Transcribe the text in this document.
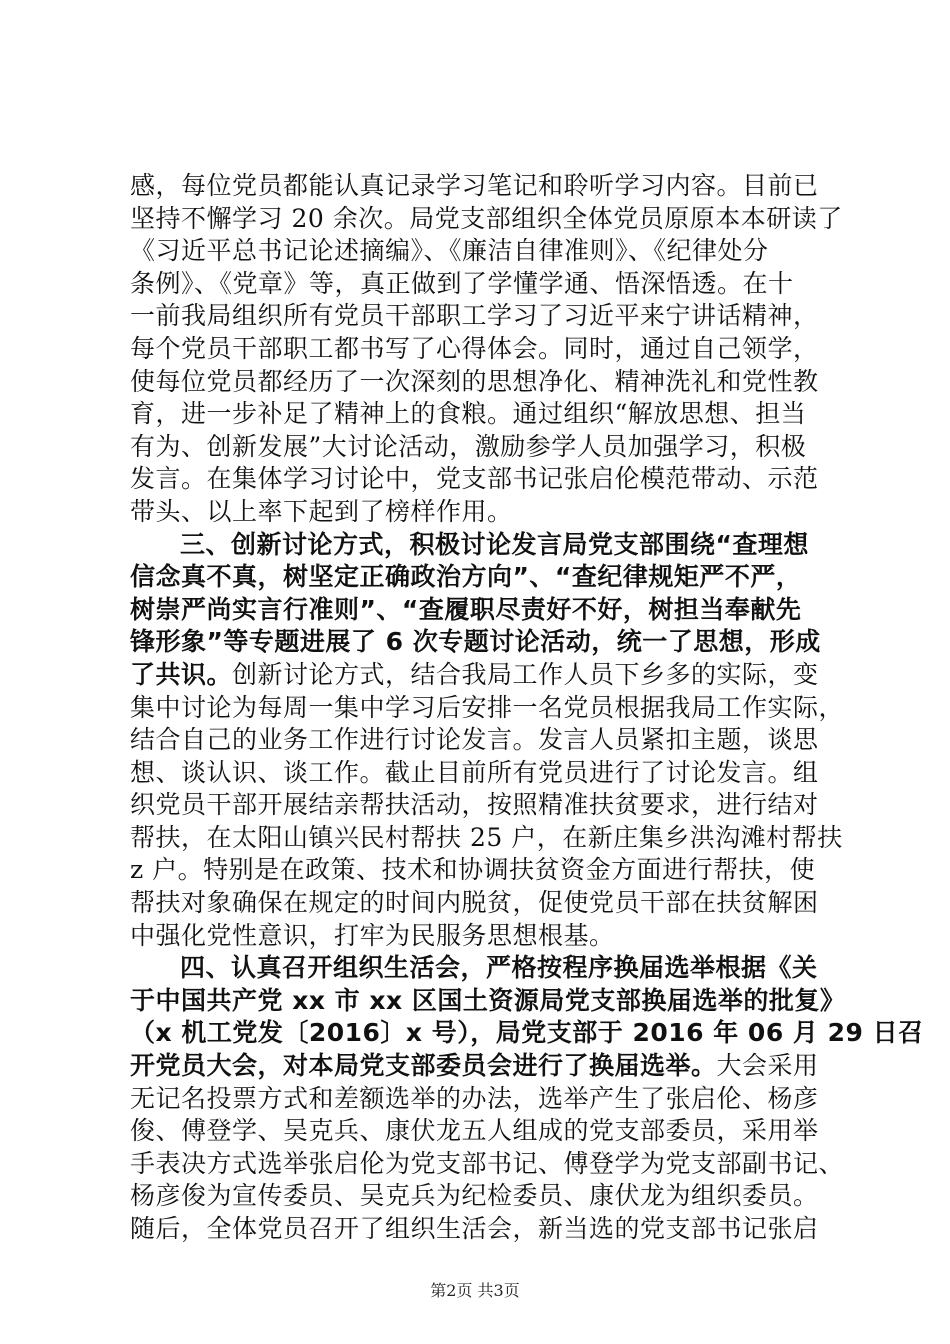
感，每位党员都能认真记录学习笔记和聆听学习内容。目前已
坚持不懈学习 20 余次。局党支部组织全体党员原原本本研读了
《习近平总书记论述摘编》、《廉洁自律准则》、《纪律处分
条例》、《党章》等，真正做到了学懂学通、悟深悟透。在十
一前我局组织所有党员干部职工学习了习近平来宁讲话精神，
每个党员干部职工都书写了心得体会。同时，通过自己领学，
使每位党员都经历了一次深刻的思想净化、精神洗礼和党性教
育，进一步补足了精神上的食粮。通过组织“解放思想、担当
有为、创新发展”大讨论活动，激励参学人员加强学习，积极
发言。在集体学习讨论中，党支部书记张启伦模范带动、示范
带头、以上率下起到了榜样作用。
三、创新讨论方式，积极讨论发言局党支部围绕“查理想
信念真不真，树坚定正确政治方向”、“查纪律规矩严不严，
树崇严尚实言行准则”、“查履职尽责好不好，树担当奉献先
锋形象”等专题进展了 6 次专题讨论活动，统一了思想，形成
了共识。创新讨论方式，结合我局工作人员下乡多的实际，变
集中讨论为每周一集中学习后安排一名党员根据我局工作实际，
结合自己的业务工作进行讨论发言。发言人员紧扣主题，谈思
想、谈认识、谈工作。截止目前所有党员进行了讨论发言。组
织党员干部开展结亲帮扶活动，按照精准扶贫要求，进行结对
帮扶，在太阳山镇兴民村帮扶 25 户，在新庄集乡洪沟滩村帮扶
z 户。特别是在政策、技术和协调扶贫资金方面进行帮扶，使
帮扶对象确保在规定的时间内脱贫，促使党员干部在扶贫解困
中强化党性意识，打牢为民服务思想根基。
四、认真召开组织生活会，严格按程序换届选举根据《关
于中国共产党 xx 市 xx 区国土资源局党支部换届选举的批复》
（x 机工党发〔2016〕x 号），局党支部于 2016 年 06 月 29 日召
开党员大会，对本局党支部委员会进行了换届选举。大会采用
无记名投票方式和差额选举的办法，选举产生了张启伦、杨彦
俊、傅登学、吴克兵、康伏龙五人组成的党支部委员，采用举
手表决方式选举张启伦为党支部书记、傅登学为党支部副书记、
杨彦俊为宣传委员、吴克兵为纪检委员、康伏龙为组织委员。
随后，全体党员召开了组织生活会，新当选的党支部书记张启
第2页 共3页
